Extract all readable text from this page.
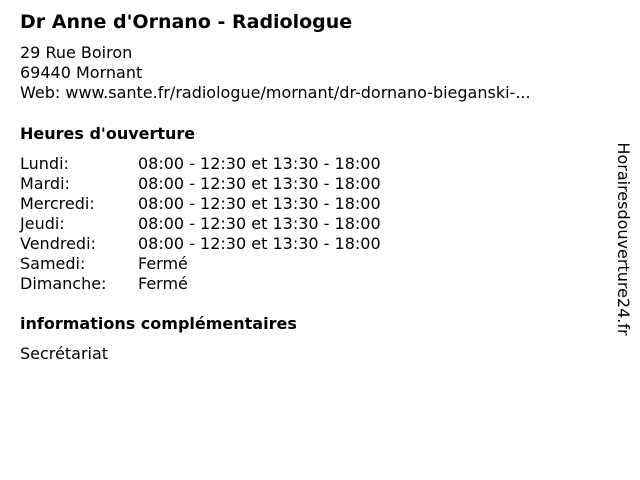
Dr Anne d'Ornano - Radiologue
29 Rue Boiron
69440 Mornant
Web: www.sante.fr/radiologue/mornant/dr-dornano-bieganski-...
Heures d'ouverture
Lundi:	08:00 - 12:30 et 13:30 - 18:00
Mardi:	08:00 - 12:30 et 13:30 - 18:00
Mercredi:	08:00 - 12:30 et 13:30 - 18:00
Jeudi:	08:00 - 12:30 et 13:30 - 18:00
Vendredi:	08:00 - 12:30 et 13:30 - 18:00
Samedi:	Fermé
Dimanche: Fermé
informations complémentaires
Secrétariat
Horairesdouverture24.fr
